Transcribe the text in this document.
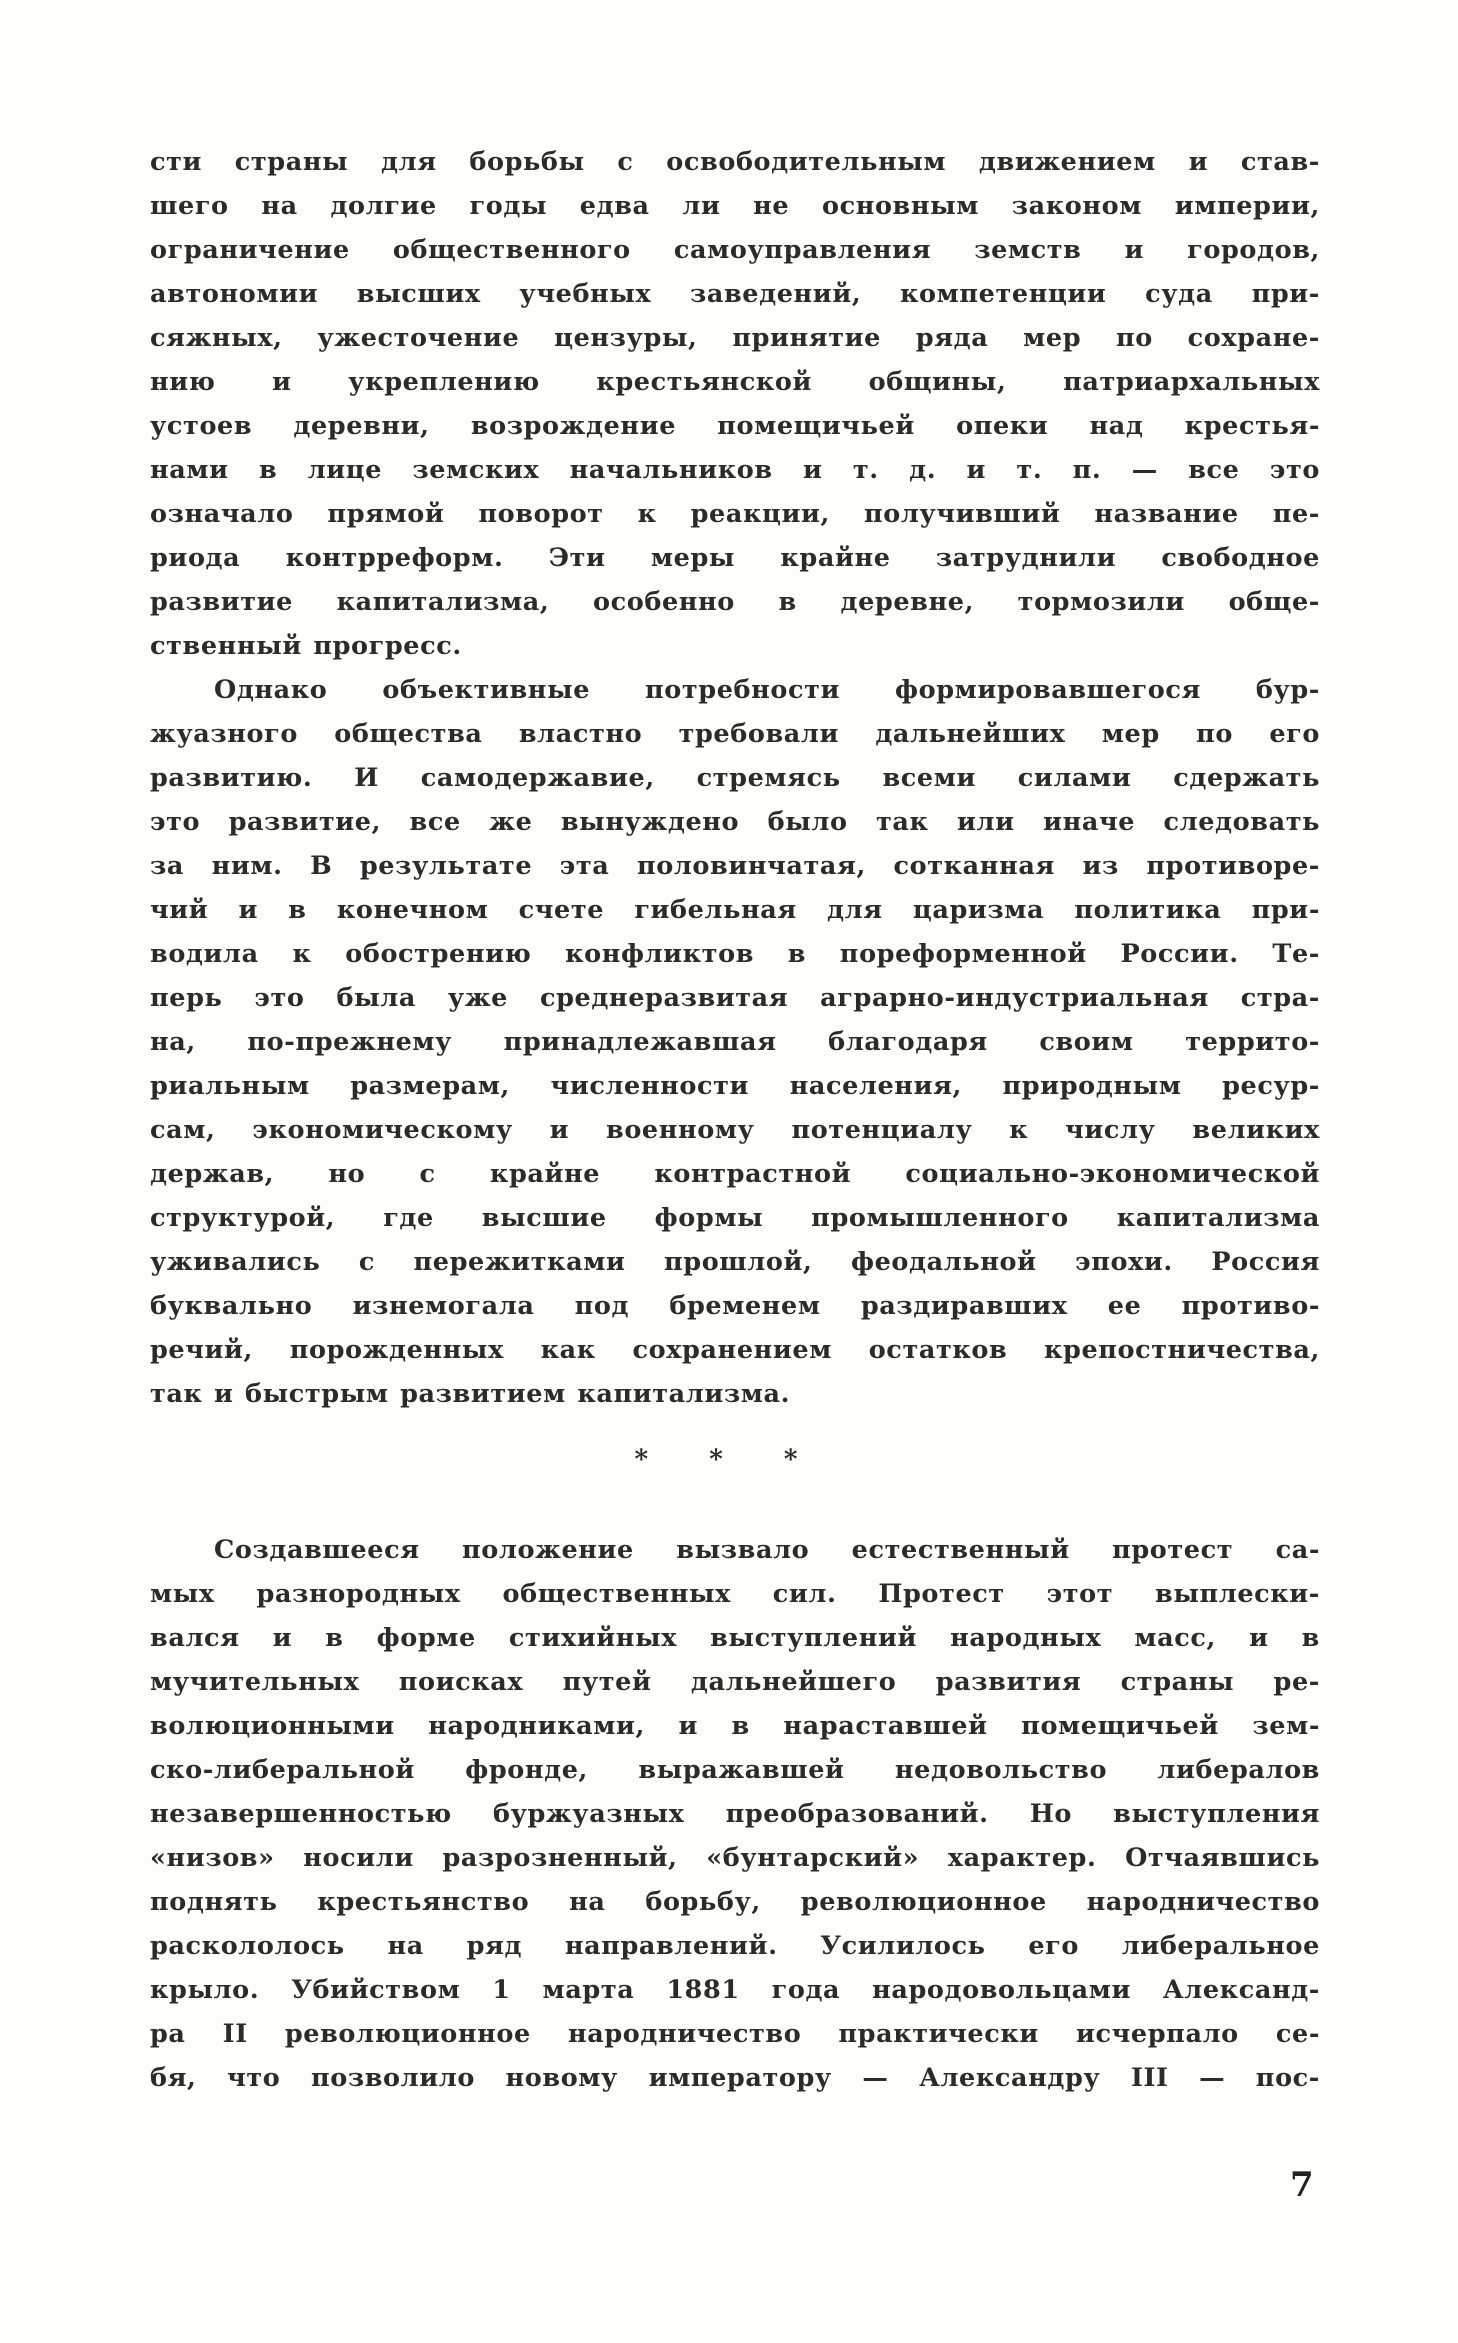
сти страны для борьбы с освободительным движением и став-
шего на долгие годы едва ли не основным законом империи,
ограничение общественного самоуправления земств и городов,
автономии высших учебных заведений, компетенции суда при-
сяжных, ужесточение цензуры, принятие ряда мер по сохране-
нию и укреплению крестьянской общины, патриархальных
устоев деревни, возрождение помещичьей опеки над крестья-
нами в лице земских начальников и т. д. и т. п. — все это
означало прямой поворот к реакции, получивший название пе-
риода контрреформ. Эти меры крайне затруднили свободное
развитие капитализма, особенно в деревне, тормозили обще-
ственный прогресс.
Однако объективные потребности формировавшегося бур-
жуазного общества властно требовали дальнейших мер по его
развитию. И самодержавие, стремясь всеми силами сдержать
это развитие, все же вынуждено было так или иначе следовать
за ним. В результате эта половинчатая, сотканная из противоре-
чий и в конечном счете гибельная для царизма политика при-
водила к обострению конфликтов в пореформенной России. Те-
перь это была уже среднеразвитая аграрно-индустриальная стра-
на, по-прежнему принадлежавшая благодаря своим террито-
риальным размерам, численности населения, природным ресур-
сам, экономическому и военному потенциалу к числу великих
держав, но с крайне контрастной социально-экономической
структурой, где высшие формы промышленного капитализма
уживались с пережитками прошлой, феодальной эпохи. Россия
буквально изнемогала под бременем раздиравших ее противо-
речий, порожденных как сохранением остатков крепостничества,
так и быстрым развитием капитализма.
* * *
Создавшееся положение вызвало естественный протест са-
мых разнородных общественных сил. Протест этот выплески-
вался и в форме стихийных выступлений народных масс, и в
мучительных поисках путей дальнейшего развития страны ре-
волюционными народниками, и в нараставшей помещичьей зем-
ско-либеральной фронде, выражавшей недовольство либералов
незавершенностью буржуазных преобразований. Но выступления
«низов» носили разрозненный, «бунтарский» характер. Отчаявшись
поднять крестьянство на борьбу, революционное народничество
раскололось на ряд направлений. Усилилось его либеральное
крыло. Убийством 1 марта 1881 года народовольцами Александ-
ра II революционное народничество практически исчерпало се-
бя, что позволило новому императору — Александру III — пос-
7
